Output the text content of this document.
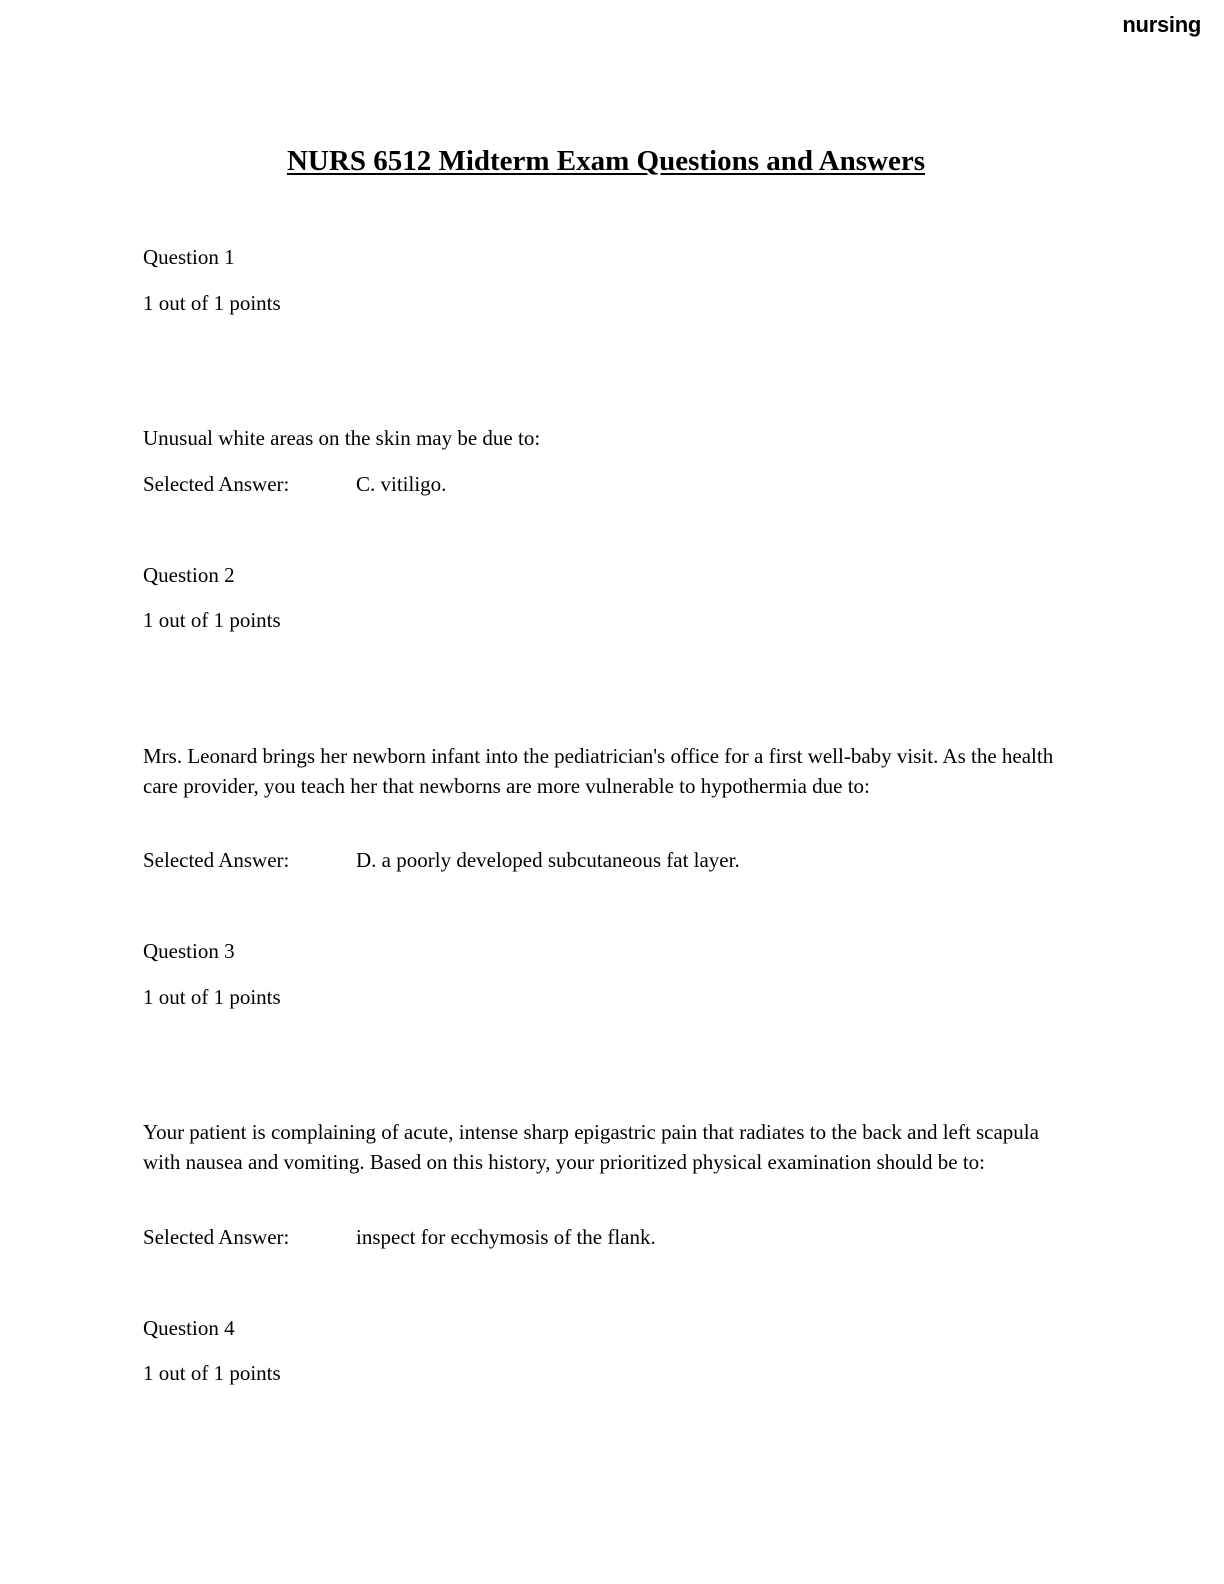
nursing
NURS 6512 Midterm Exam Questions and Answers
Question 1
1 out of 1 points
Unusual white areas on the skin may be due to:
Selected Answer:	C. vitiligo.
Question 2
1 out of 1 points
Mrs. Leonard brings her newborn infant into the pediatrician's office for a first well-baby visit. As the health care provider, you teach her that newborns are more vulnerable to hypothermia due to:
Selected Answer:	D. a poorly developed subcutaneous fat layer.
Question 3
1 out of 1 points
Your patient is complaining of acute, intense sharp epigastric pain that radiates to the back and left scapula with nausea and vomiting. Based on this history, your prioritized physical examination should be to:
Selected Answer:	inspect for ecchymosis of the flank.
Question 4
1 out of 1 points
